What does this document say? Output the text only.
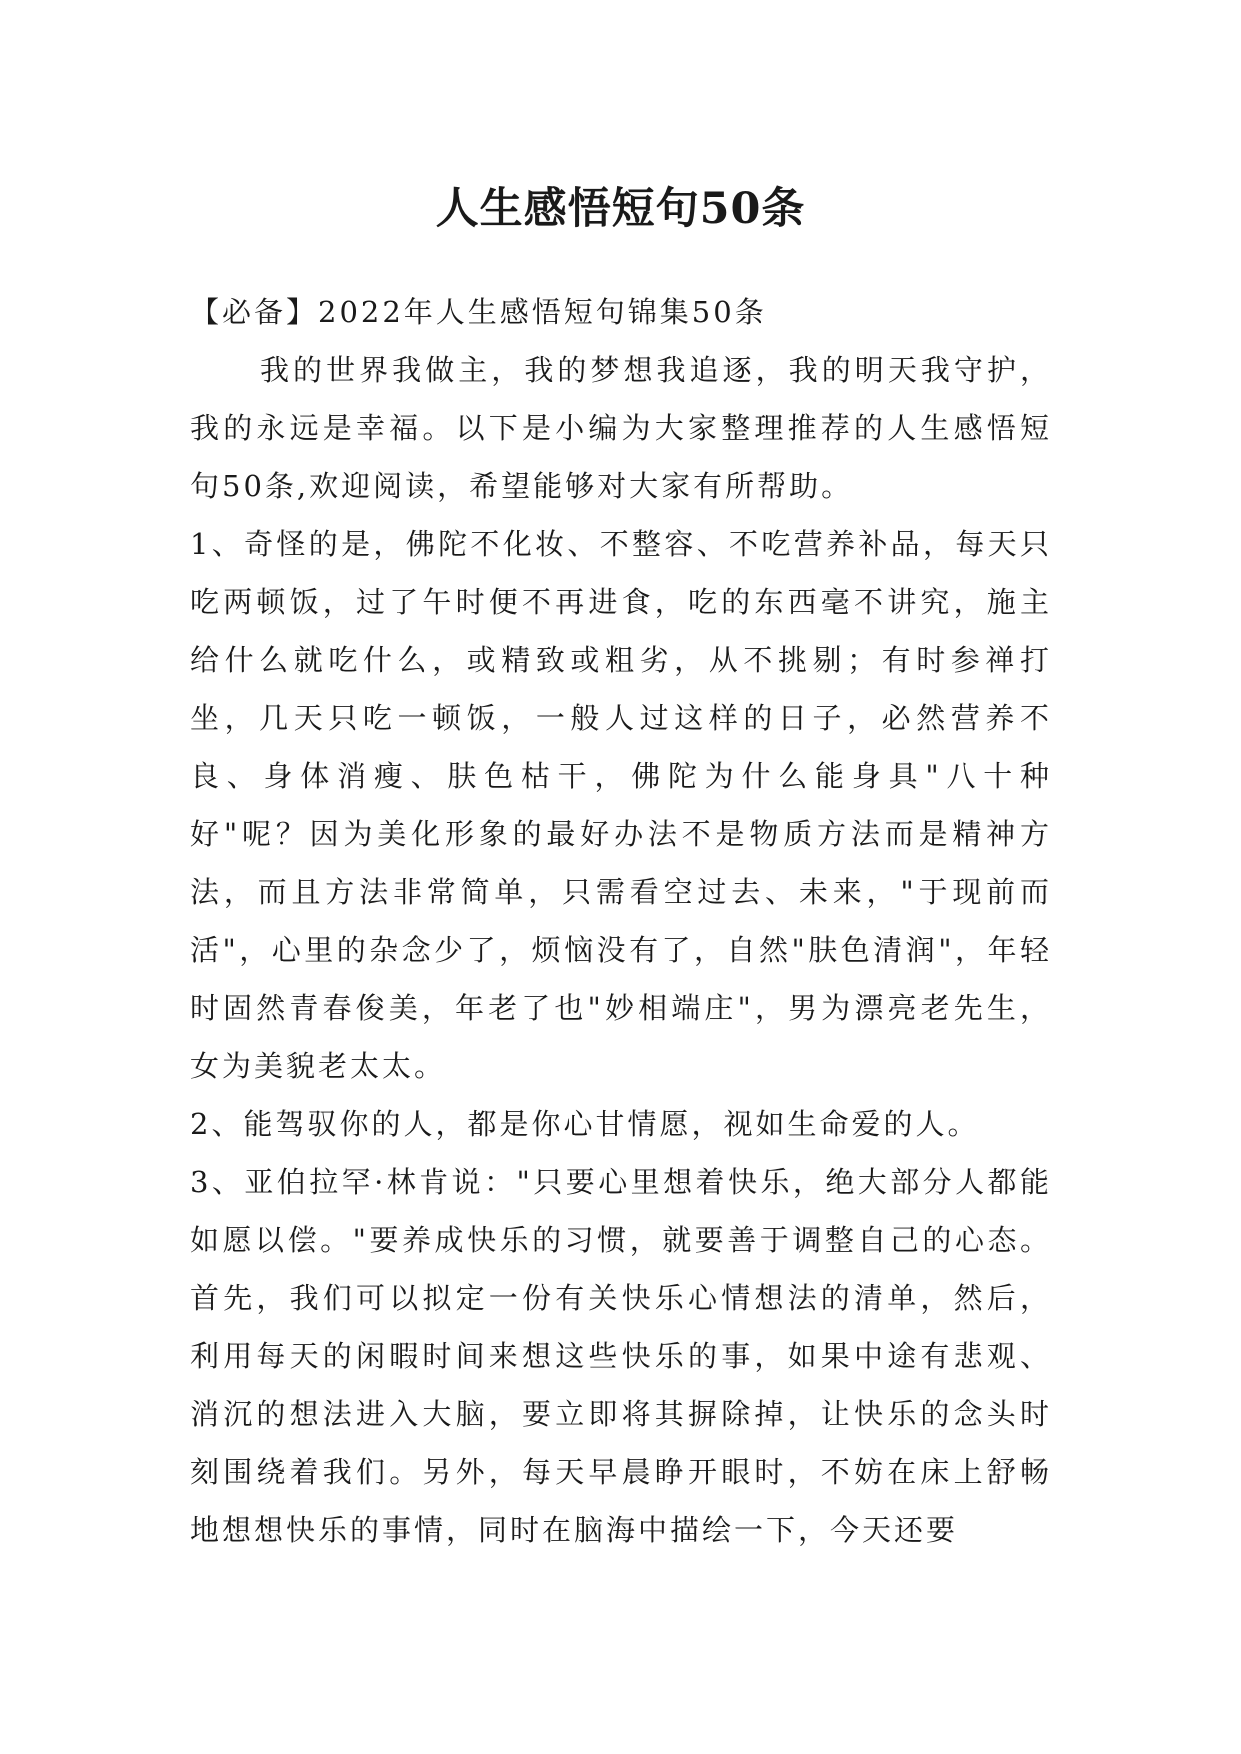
人生感悟短句50条

【必备】2022年人生感悟短句锦集50条

我的世界我做主，我的梦想我追逐，我的明天我守护，我的永远是幸福。以下是小编为大家整理推荐的人生感悟短句50条,欢迎阅读，希望能够对大家有所帮助。

1、奇怪的是，佛陀不化妆、不整容、不吃营养补品，每天只吃两顿饭，过了午时便不再进食，吃的东西毫不讲究，施主给什么就吃什么，或精致或粗劣，从不挑剔；有时参禅打坐，几天只吃一顿饭，一般人过这样的日子，必然营养不良、身体消瘦、肤色枯干，佛陀为什么能身具"八十种好"呢？因为美化形象的最好办法不是物质方法而是精神方法，而且方法非常简单，只需看空过去、未来，"于现前而活"，心里的杂念少了，烦恼没有了，自然"肤色清润"，年轻时固然青春俊美，年老了也"妙相端庄"，男为漂亮老先生，女为美貌老太太。

2、能驾驭你的人，都是你心甘情愿，视如生命爱的人。

3、亚伯拉罕·林肯说："只要心里想着快乐，绝大部分人都能如愿以偿。"要养成快乐的习惯，就要善于调整自己的心态。首先，我们可以拟定一份有关快乐心情想法的清单，然后，利用每天的闲暇时间来想这些快乐的事，如果中途有悲观、消沉的想法进入大脑，要立即将其摒除掉，让快乐的念头时刻围绕着我们。另外，每天早晨睁开眼时，不妨在床上舒畅地想想快乐的事情，同时在脑海中描绘一下，今天还要
